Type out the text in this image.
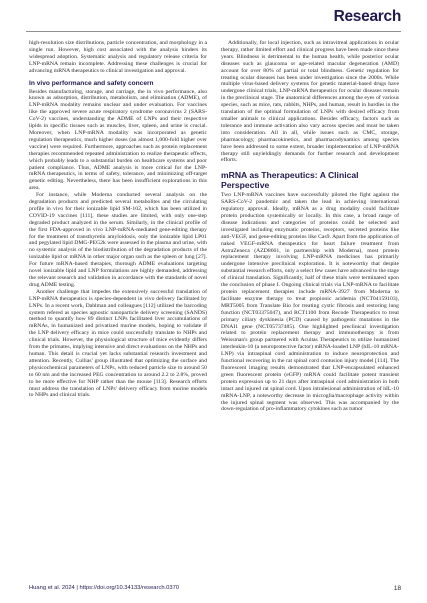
Research

high-resolution size distributions, particle concentration, and morphology in a single run. However, high cost associated with the analysis hinders its widespread adoption. Systematic analysis and regulatory release criteria for LNP-mRNA remain incomplete. Addressing these challenges is crucial for advancing mRNA therapeutics to clinical investigation and approval.

In vivo performance and safety concern

Besides manufacturing, storage, and carriage, the in vivo performance, also known as adsorption, distribution, metabolism, and elimination (ADME), of LNP-mRNA modality remains unclear and under evaluation. For vaccines like the approved severe acute respiratory syndrome coronavirus 2 (SARS-CoV-2) vaccines, understanding the ADME of LNPs and their respective lipids in specific tissues such as muscles, liver, spleen, and urine is crucial. Moreover, when LNP-mRNA modality was incorporated as genetic regulation therapeutics, much higher doses (an almost 1,000-fold higher over vaccine) were required. Furthermore, approaches such as protein replacement therapies recommended repeated administration to realize therapeutic effects, which probably leads to a substantial burden on healthcare systems and poor patient compliance. Thus, ADME analysis is more critical for the LNP-mRNA therapeutics, in terms of safety, tolerance, and minimizing off-target genetic editing. Nevertheless, there has been insufficient explorations in this area.

For instance, while Moderna conducted several analysis on the degradation products and predicted several metabolites and the circulating profile in vivo for their ionizable lipid SM-102, which has been utilized in COVID-19 vaccines [111], these studies are limited, with only one-step degraded product analyzed in the serum. Similarly, in the clinical profile of the first FDA-approved in vivo LNP-mRNA-mediated gene-editing therapy for the treatment of transthyretin amyloidosis, only the ionizable lipid LP01 and pegylated lipid DMG-PEG2k were assessed in the plasma and urine, with no systemic analysis of the biodistribution of the degradation products of the ionizable lipid or mRNA in other major organ such as the spleen or lung [27]. For future mRNA-based therapies, thorough ADME evaluations targeting novel ionizable lipid and LNP formulations are highly demanded, addressing the relevant research and validation in accordance with the standards of novel drug ADME testing.

Another challenge that impedes the extensively successful translation of LNP-mRNA therapeutics is species-dependent in vivo delivery facilitated by LNPs. In a recent work, Dahlman and colleagues [112] utilized the barcoding system refered as species agnostic nanoparticle delivery screening (SANDS) method to quantify how 89 distinct LNPs facilitated liver accumulations of mRNAs, in humanized and privatized murine models, hoping to validate if the LNP delivery efficacy in mice could successfully translate to NHPs and clinical trials. However, the physiological structure of mice evidently differs from the primates, implying intensive and direct evaluations on the NHPs and human. This detail is crucial yet lacks substantial research investment and attention. Recently, Cullias' group illustrated that optimizing the surface and physicochemical parameters of LNPs, with reduced particle size to around 50 to 60 nm and the increased PEG concentration to around 2.2 to 2.8%, proved to be more effective for NHP rather than the mouse [113]. Research efforts must address the translation of LNPs' delivery efficacy from murine models to NHPs and clinical trials.

Additionally, for local injection, such as intravitreal applications in ocular therapy, rather limited effort and clinical progress have been made since these years. Blindness is detrimental to the human health, while posterior ocular diseases such as glaucoma or age-related macular degeneration (AMD) account for over 80% of partial or total blindness. Genetic regulation for treating ocular diseases has been under investigation since the 2000s. While multiple virus-based delivery systems for genetic material-based drugs have undergone clinical trials, LNP-mRNA therapeutics for ocular diseases remain in the preclinical stage. The anatomical differences among the eyes of various species, such as mice, rats, rabbits, NHPs, and human, result in hurdles in the translation of the optimal formulation of LNPs with desired efficacy from smaller animals to clinical applications. Besides efficacy, factors such as tolerance and immune activation also vary across species and must be taken into consideration. All in all, while issues such as CMC, storage, pharmacology, pharmacokinetics, and pharmacodynamics among species have been addressed to some extent, broader implementation of LNP-mRNA therapy still unyieldingly demands for further research and development efforts.

mRNA as Therapeutics: A Clinical Perspective

Two LNP-mRNA vaccines have successfully piloted the fight against the SARS-CoV-2 pandemic and taken the lead in achieving international regulatory approval. Ideally, mRNA as a drug modality could facilitate protein production systemically or locally. In this case, a broad range of disease indications and categories of proteins could be selected and investigated including enzymatic proteins, receptors, secreted proteins like anti-VEGF, and gene-editing proteins like Cas9. Apart from the application of naked VEGF-mRNA therapeutics for heart failure treatment from AstraZeneca (AZD8601, in partnership with Moderna), most protein replacement therapy involving LNP-mRNA medicines has primarily undergone intensive preclinical exploration. It is noteworthy that despite substantial research efforts, only a select few cases have advanced to the stage of clinical translation. Significantly, half of these trials were terminated upon the conclusion of phase I. Ongoing clinical trials via LNP-mRNA to facilitate protein replacement therapies include mRNA-3927 from Moderna to facilitate enzyme therapy to treat propionic acidemia (NCT04159103), MRT5005 from Translate Bio for treating cystic fibrosis and restoring lung function (NCT03375047), and RCT1100 from Recode Therapeutics to treat primary ciliary dyskinesia (PCD) caused by pathogenic mutations in the DNAI1 gene (NCT05737485). One highlighted preclinical investigation related to protein replacement therapy and immunotherapy is from Weissman's group partnered with Acuitas Therapeutics to utilize humanized interleukin-10 (a neuroprotective factor) mRNA-loaded LNP (hIL-10 mRNA-LNP) via intraspinal cord administration to induce neuroprotection and functional recovering in the rat spinal cord contusion injury model [114]. The fluorescent imaging results demonstrated that LNP-encapsulated enhanced green fluorescent protein (eGFP) mRNA could facilitate potent transient protein expression up to 21 days after intraspinal cord administration in both intact and injured rat spinal cord. Upon intralesional administration of hIL-10 mRNA-LNP, a noteworthy decrease in microglia/macrophage activity within the injured spinal segment was observed. This was accompanied by the down-regulation of pro-inflammatory cytokines such as tumor

Huang et al. 2024 | https://doi.org/10.34133/research.0370	18
